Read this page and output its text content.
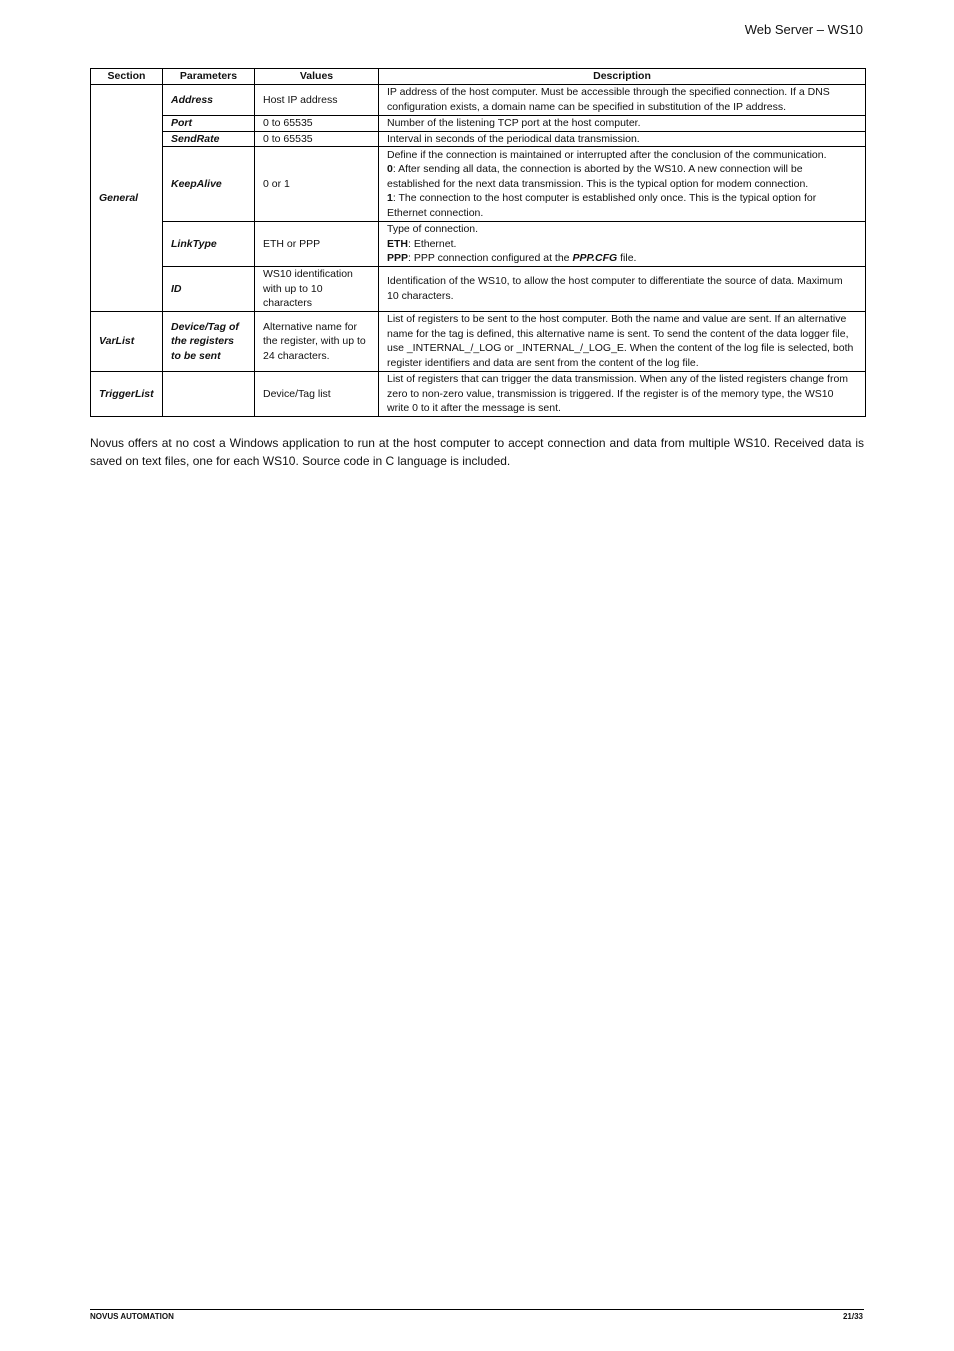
Web Server – WS10
Section	Parameters	Values	Description
General	Address	Host IP address	IP address of the host computer. Must be accessible through the specified connection. If a DNS configuration exists, a domain name can be specified in substitution of the IP address.
	Port	0 to 65535	Number of the listening TCP port at the host computer.
	SendRate	0 to 65535	Interval in seconds of the periodical data transmission.
	KeepAlive	0 or 1	Define if the connection is maintained or interrupted after the conclusion of the communication.
0: After sending all data, the connection is aborted by the WS10. A new connection will be established for the next data transmission. This is the typical option for modem connection.
1: The connection to the host computer is established only once. This is the typical option for Ethernet connection.

	LinkType	ETH or PPP	Type of connection.
ETH: Ethernet.
PPP: PPP connection configured at the PPP.CFG file.

	ID	WS10 identification with up to 10 characters	Identification of the WS10, to allow the host computer to differentiate the source of data. Maximum 10 characters.
VarList	Device/Tag of the registers to be sent	Alternative name for the register, with up to 24 characters.	List of registers to be sent to the host computer. Both the name and value are sent. If an alternative name for the tag is defined, this alternative name is sent. To send the content of the data logger file, use _INTERNAL_/_LOG or _INTERNAL_/_LOG_E. When the content of the log file is selected, both register identifiers and data are sent from the content of the log file.
TriggerList		Device/Tag list	List of registers that can trigger the data transmission. When any of the listed registers change from zero to non-zero value, transmission is triggered. If the register is of the memory type, the WS10 write 0 to it after the message is sent.
Novus offers at no cost a Windows application to run at the host computer to accept connection and data from multiple WS10. Received data is saved on text files, one for each WS10. Source code in C language is included.
NOVUS AUTOMATION	21/33
